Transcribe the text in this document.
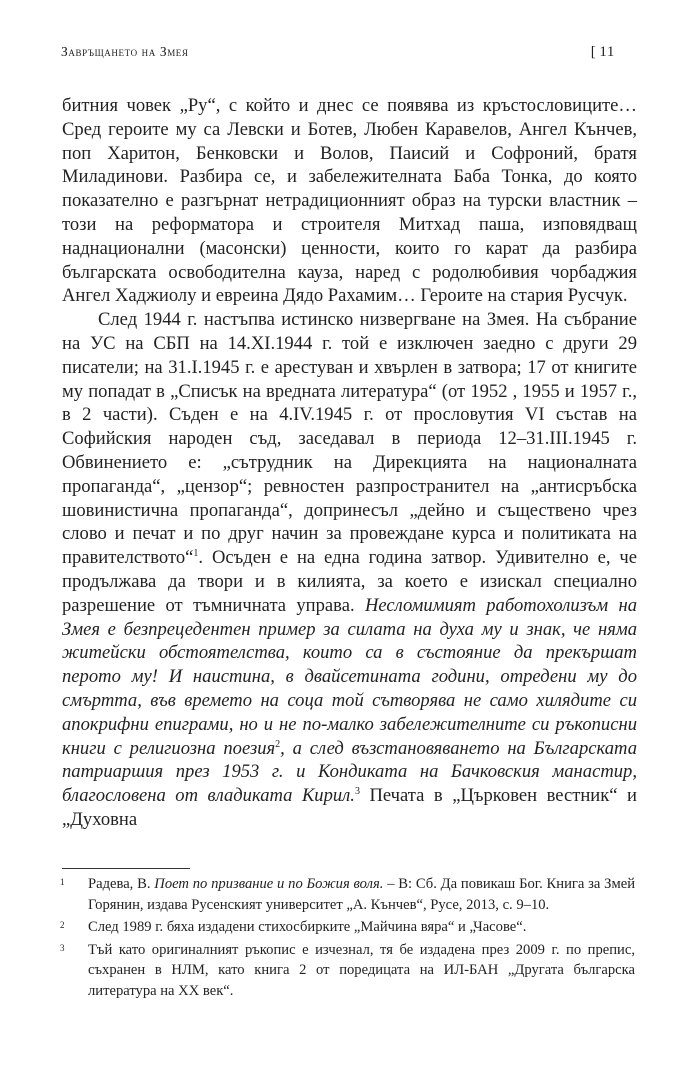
Завръщането на Змея	[ 11

битния човек „Ру“, с който и днес се появява из кръстословиците… Сред героите му са Левски и Ботев, Любен Каравелов, Ангел Кънчев, поп Харитон, Бенковски и Волов, Паисий и Софроний, братя Миладинови. Разбира се, и забележителната Баба Тонка, до която показателно е разгърнат нетрадиционният образ на турски властник – този на реформатора и строителя Митхад паша, изповядващ наднационални (масонски) ценности, които го карат да разбира българската освободителна кауза, наред с родолюбивия чорбаджия Ангел Хаджиолу и евреина Дядо Рахамим… Героите на стария Русчук.

След 1944 г. настъпва истинско низвергване на Змея. На събрание на УС на СБП на 14.XI.1944 г. той е изключен заедно с други 29 писатели; на 31.I.1945 г. е арестуван и хвърлен в затвора; 17 от книгите му попадат в „Списък на вредната литература“ (от 1952 , 1955 и 1957 г., в 2 части). Съден е на 4.IV.1945 г. от прословутия VI състав на Софийския народен съд, заседавал в периода 12–31.III.1945 г. Обвинението е: „сътрудник на Дирекцията на националната пропаганда“, „цензор“; ревностен разпространител на „антисръбска шовинистична пропаганда“, допринесъл „дейно и съществено чрез слово и печат и по друг начин за провеждане курса и политиката на правителството“$^1$. Осъден е на една година затвор. Удивително е, че продължава да твори и в килията, за което е изискал специално разрешение от тъмничната управа. Несломимият работохолизъм на Змея е безпрецедентен пример за силата на духа му и знак, че няма житейски обстоятелства, които са в състояние да прекършат перото му! И наистина, в двайсетината години, отредени му до смъртта, във времето на соца той сътворява не само хилядите си апокрифни епиграми, но и не по-малко забележителните си ръкописни книги с религиозна поезия$^2$, а след възстановяването на Българската патриаршия през 1953 г. и Кондиката на Бачковския манастир, благословена от владиката Кирил.$^3$ Печата в „Църковен вестник“ и „Духовна

1 Радева, В. Поет по призвание и по Божия воля. – В: Сб. Да повикаш Бог. Книга за Змей Горянин, издава Русенският университет „А. Кънчев“, Русе, 2013, с. 9–10.
2 След 1989 г. бяха издадени стихосбирките „Майчина вяра“ и „Часове“.
3 Тъй като оригиналният ръкопис е изчезнал, тя бе издадена през 2009 г. по препис, съхранен в НЛМ, като книга 2 от поредицата на ИЛ-БАН „Другата българска литература на ХХ век“.
